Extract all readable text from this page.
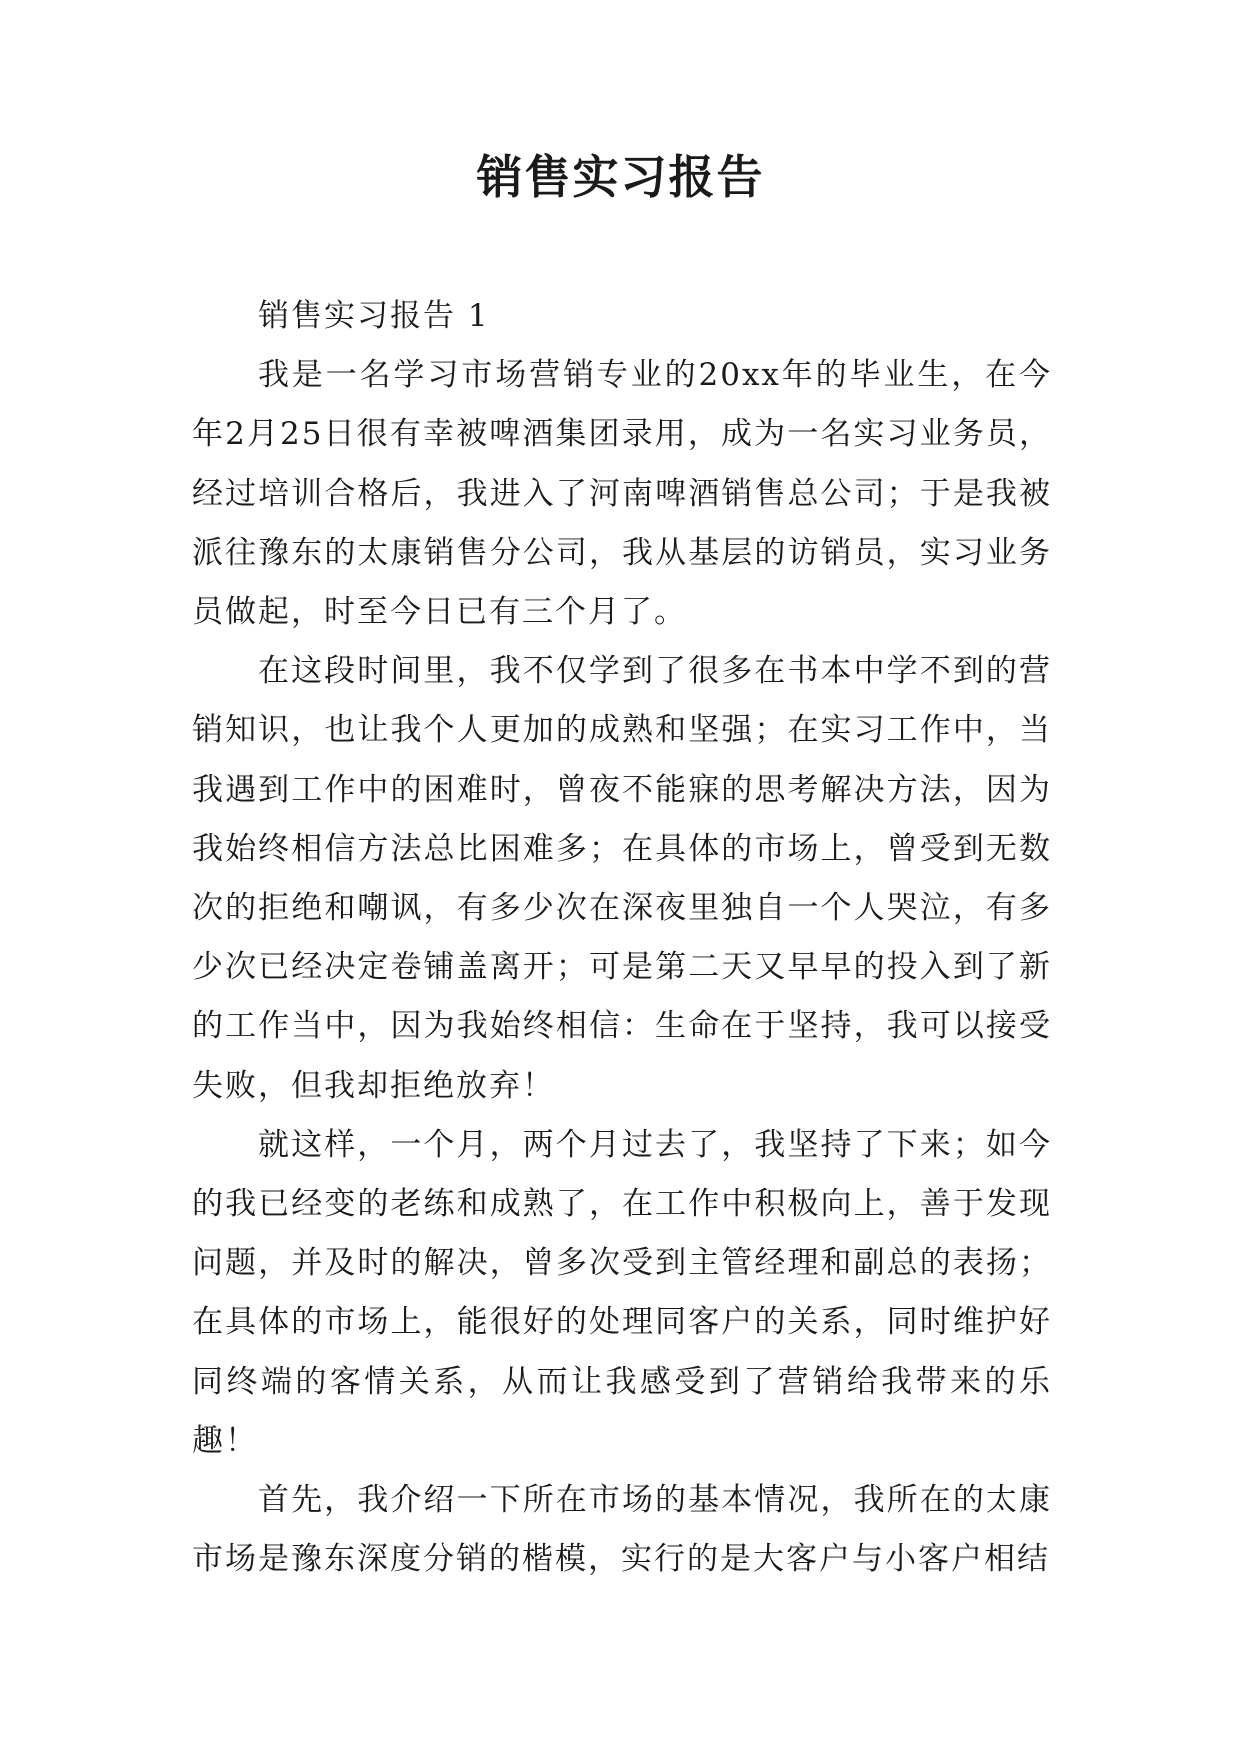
销售实习报告

销售实习报告 1

我是一名学习市场营销专业的20xx年的毕业生，在今年2月25日很有幸被啤酒集团录用，成为一名实习业务员，经过培训合格后，我进入了河南啤酒销售总公司；于是我被派往豫东的太康销售分公司，我从基层的访销员，实习业务员做起，时至今日已有三个月了。

在这段时间里，我不仅学到了很多在书本中学不到的营销知识，也让我个人更加的成熟和坚强；在实习工作中，当我遇到工作中的困难时，曾夜不能寐的思考解决方法，因为我始终相信方法总比困难多；在具体的市场上，曾受到无数次的拒绝和嘲讽，有多少次在深夜里独自一个人哭泣，有多少次已经决定卷铺盖离开；可是第二天又早早的投入到了新的工作当中，因为我始终相信：生命在于坚持，我可以接受失败，但我却拒绝放弃！

就这样，一个月，两个月过去了，我坚持了下来；如今的我已经变的老练和成熟了，在工作中积极向上，善于发现问题，并及时的解决，曾多次受到主管经理和副总的表扬；在具体的市场上，能很好的处理同客户的关系，同时维护好同终端的客情关系，从而让我感受到了营销给我带来的乐趣！

首先，我介绍一下所在市场的基本情况，我所在的太康市场是豫东深度分销的楷模，实行的是大客户与小客户相结
